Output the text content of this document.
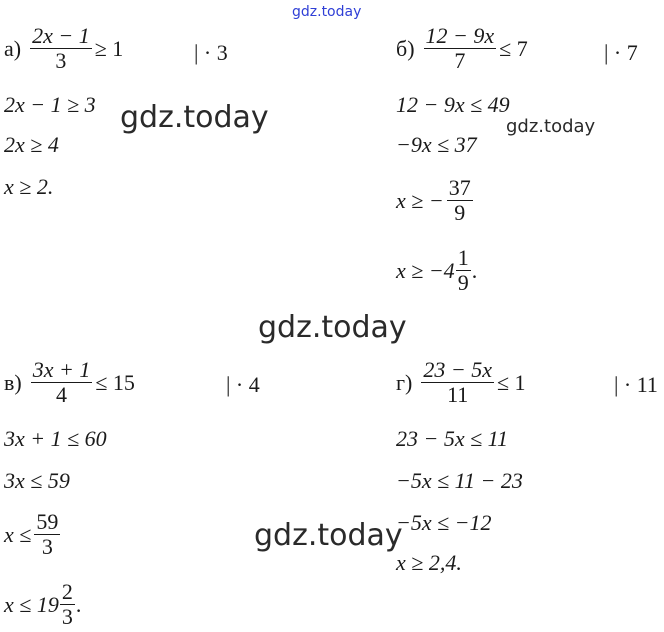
gdz.today
gdz.today	gdz.today
gdz.today
gdz.today
$а) \frac{2x - 1}{3} \ge 1$	| · 3
2x − 1 ≥ 3
2x ≥ 4
x ≥ 2.
$б) \frac{12 - 9x}{7} \le 7$	| · 7
12 − 9x ≤ 49
−9x ≤ 37
x ≥ − $\frac{37}{9}$
$x \ge -4 \frac{1}{9}$ .
$в) \frac{3x + 1}{4} \le 15$	| · 4
3x + 1 ≤ 60
3x ≤ 59
$x \le \frac{59}{3}$
$x \le 19 \frac{2}{3}$ .
$г) \frac{23 - 5x}{11} \le 1$	| · 11
23 − 5x ≤ 11
−5x ≤ 11 − 23
−5x ≤ −12
x ≥ 2,4.
